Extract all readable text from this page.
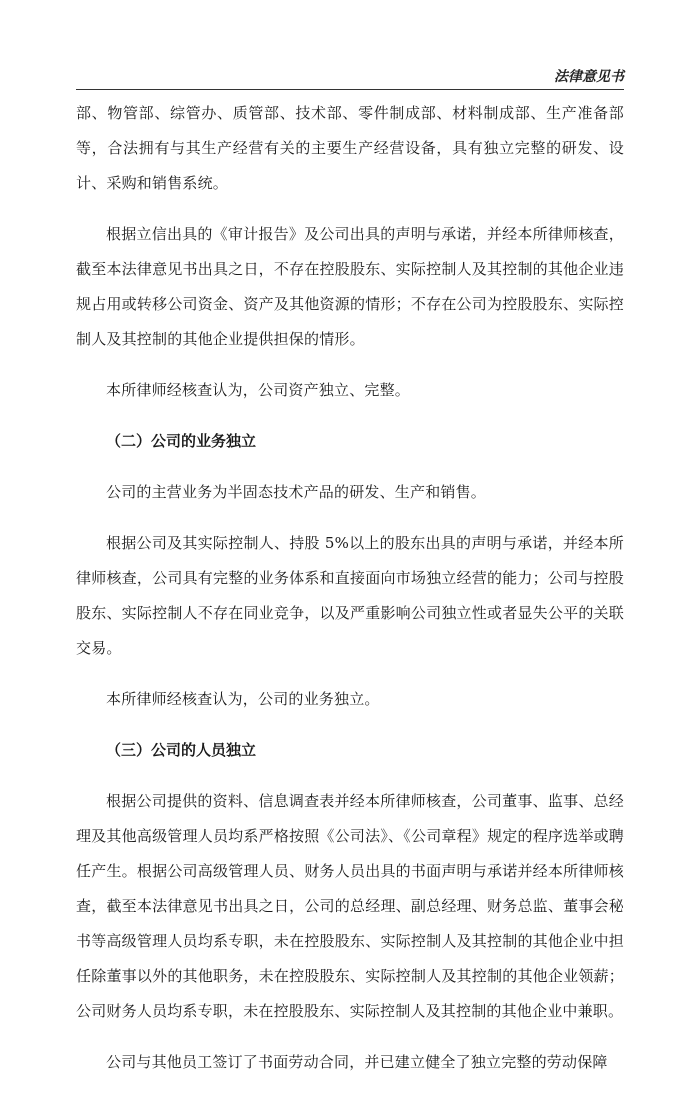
法律意见书

部、物管部、综管办、质管部、技术部、零件制成部、材料制成部、生产准备部等，合法拥有与其生产经营有关的主要生产经营设备，具有独立完整的研发、设计、采购和销售系统。

根据立信出具的《审计报告》及公司出具的声明与承诺，并经本所律师核查，截至本法律意见书出具之日，不存在控股股东、实际控制人及其控制的其他企业违规占用或转移公司资金、资产及其他资源的情形；不存在公司为控股股东、实际控制人及其控制的其他企业提供担保的情形。

本所律师经核查认为，公司资产独立、完整。

（二）公司的业务独立

公司的主营业务为半固态技术产品的研发、生产和销售。

根据公司及其实际控制人、持股 5%以上的股东出具的声明与承诺，并经本所律师核查，公司具有完整的业务体系和直接面向市场独立经营的能力；公司与控股股东、实际控制人不存在同业竞争，以及严重影响公司独立性或者显失公平的关联交易。

本所律师经核查认为，公司的业务独立。

（三）公司的人员独立

根据公司提供的资料、信息调查表并经本所律师核查，公司董事、监事、总经理及其他高级管理人员均系严格按照《公司法》、《公司章程》规定的程序选举或聘任产生。根据公司高级管理人员、财务人员出具的书面声明与承诺并经本所律师核查，截至本法律意见书出具之日，公司的总经理、副总经理、财务总监、董事会秘书等高级管理人员均系专职，未在控股股东、实际控制人及其控制的其他企业中担任除董事以外的其他职务，未在控股股东、实际控制人及其控制的其他企业领薪；公司财务人员均系专职，未在控股股东、实际控制人及其控制的其他企业中兼职。

公司与其他员工签订了书面劳动合同，并已建立健全了独立完整的劳动保障
